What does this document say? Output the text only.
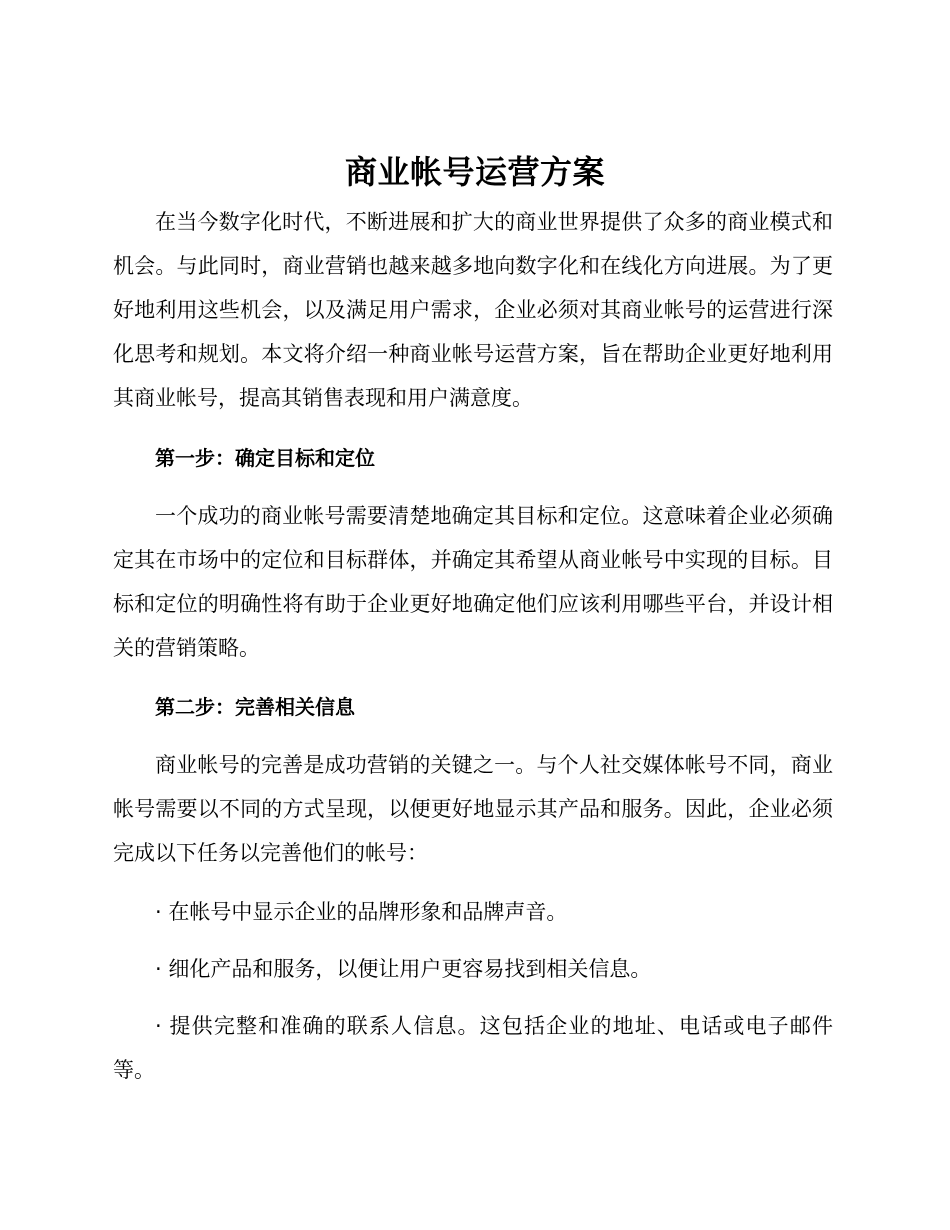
商业帐号运营方案

在当今数字化时代，不断进展和扩大的商业世界提供了众多的商业模式和机会。与此同时，商业营销也越来越多地向数字化和在线化方向进展。为了更好地利用这些机会，以及满足用户需求，企业必须对其商业帐号的运营进行深化思考和规划。本文将介绍一种商业帐号运营方案，旨在帮助企业更好地利用其商业帐号，提高其销售表现和用户满意度。

第一步：确定目标和定位

一个成功的商业帐号需要清楚地确定其目标和定位。这意味着企业必须确定其在市场中的定位和目标群体，并确定其希望从商业帐号中实现的目标。目标和定位的明确性将有助于企业更好地确定他们应该利用哪些平台，并设计相关的营销策略。

第二步：完善相关信息

商业帐号的完善是成功营销的关键之一。与个人社交媒体帐号不同，商业帐号需要以不同的方式呈现，以便更好地显示其产品和服务。因此，企业必须完成以下任务以完善他们的帐号：

· 在帐号中显示企业的品牌形象和品牌声音。

· 细化产品和服务，以便让用户更容易找到相关信息。

· 提供完整和准确的联系人信息。这包括企业的地址、电话或电子邮件等。
